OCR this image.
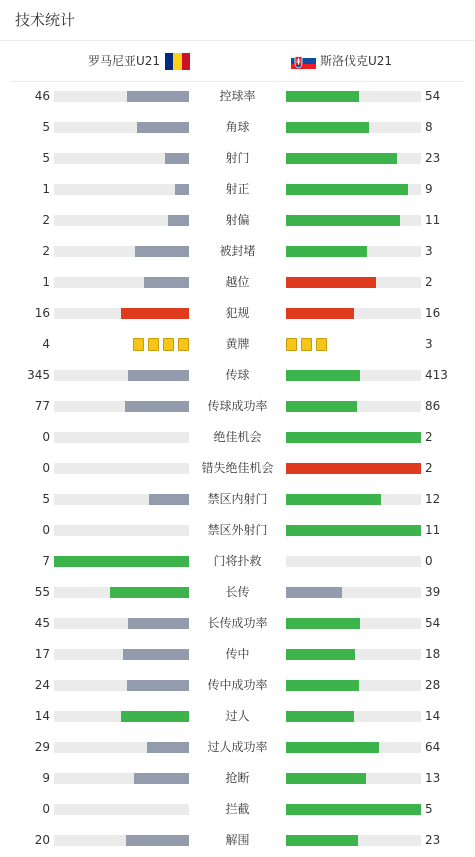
技术统计
罗马尼亚U21	斯洛伐克U21
46	控球率	54
5	角球	8
5	射门	23
1	射正	9
2	射偏	11
2	被封堵	3
1	越位	2
16	犯规	16
4	黄牌	3
345	传球	413
77	传球成功率	86
0	绝佳机会	2
0	错失绝佳机会	2
5	禁区内射门	12
0	禁区外射门	11
7	门将扑救	0
55	长传	39
45	长传成功率	54
17	传中	18
24	传中成功率	28
14	过人	14
29	过人成功率	64
9	抢断	13
0	拦截	5
20	解围	23
